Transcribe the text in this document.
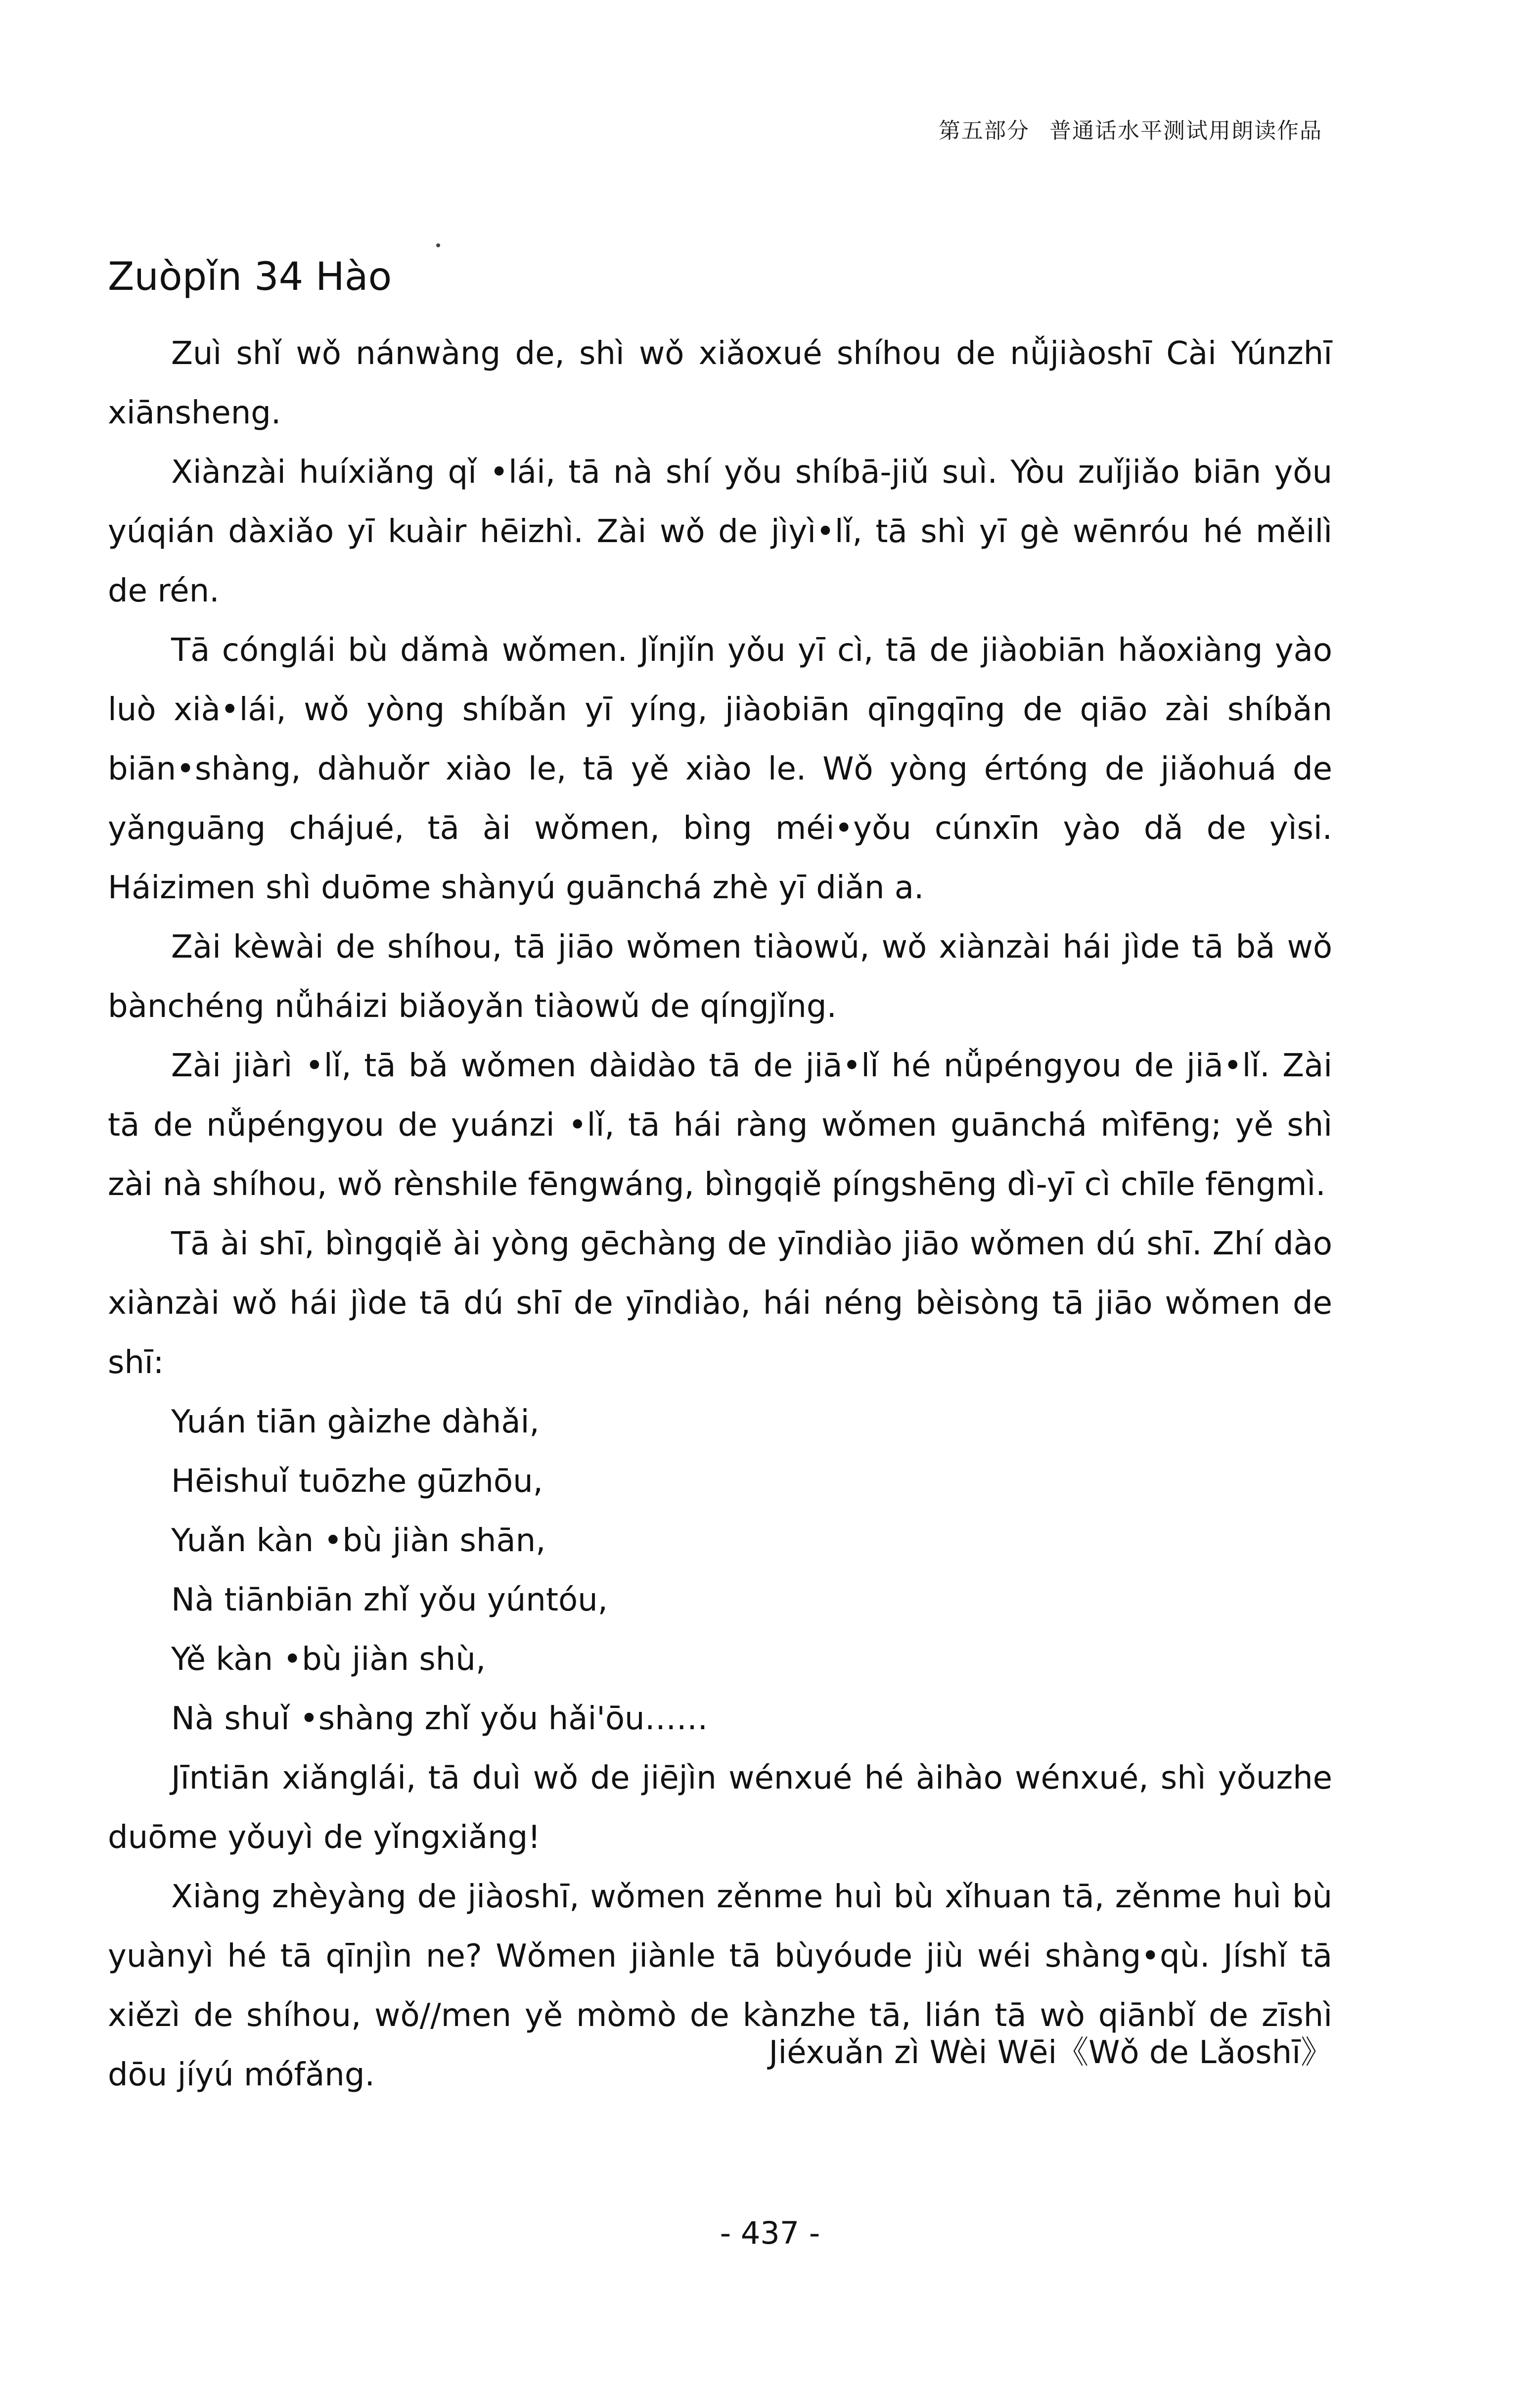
第五部分 普通话水平测试用朗读作品
Zuòpǐn 34 Hào

Zuì shǐ wǒ nánwàng de, shì wǒ xiǎoxué shíhou de nǚjiàoshī Cài Yúnzhī xiānsheng.

Xiànzài huíxiǎng qǐ •lái, tā nà shí yǒu shíbā-jiǔ suì. Yòu zuǐjiǎo biān yǒu yúqián dàxiǎo yī kuàir hēizhì. Zài wǒ de jìyì•lǐ, tā shì yī gè wēnróu hé měilì de rén.

Tā cónglái bù dǎmà wǒmen. Jǐnjǐn yǒu yī cì, tā de jiàobiān hǎoxiàng yào luò xià•lái, wǒ yòng shíbǎn yī yíng, jiàobiān qīngqīng de qiāo zài shíbǎn biān•shàng, dàhuǒr xiào le, tā yě xiào le. Wǒ yòng értóng de jiǎohuá de yǎnguāng chájué, tā ài wǒmen, bìng méi•yǒu cúnxīn yào dǎ de yìsi. Háizimen shì duōme shànyú guānchá zhè yī diǎn a.

Zài kèwài de shíhou, tā jiāo wǒmen tiàowǔ, wǒ xiànzài hái jìde tā bǎ wǒ bànchéng nǚháizi biǎoyǎn tiàowǔ de qíngjǐng.

Zài jiàrì •lǐ, tā bǎ wǒmen dàidào tā de jiā•lǐ hé nǚpéngyou de jiā•lǐ. Zài tā de nǚpéngyou de yuánzi •lǐ, tā hái ràng wǒmen guānchá mìfēng; yě shì zài nà shíhou, wǒ rènshile fēngwáng, bìngqiě píngshēng dì-yī cì chīle fēngmì.

Tā ài shī, bìngqiě ài yòng gēchàng de yīndiào jiāo wǒmen dú shī. Zhí dào xiànzài wǒ hái jìde tā dú shī de yīndiào, hái néng bèisòng tā jiāo wǒmen de shī:

Yuán tiān gàizhe dàhǎi,

Hēishuǐ tuōzhe gūzhōu,

Yuǎn kàn •bù jiàn shān,

Nà tiānbiān zhǐ yǒu yúntóu,

Yě kàn •bù jiàn shù,

Nà shuǐ •shàng zhǐ yǒu hǎi'ōu……

Jīntiān xiǎnglái, tā duì wǒ de jiējìn wénxué hé àihào wénxué, shì yǒuzhe duōme yǒuyì de yǐngxiǎng!

Xiàng zhèyàng de jiàoshī, wǒmen zěnme huì bù xǐhuan tā, zěnme huì bù yuànyì hé tā qīnjìn ne? Wǒmen jiànle tā bùyóude jiù wéi shàng•qù. Jíshǐ tā xiězì de shíhou, wǒ//men yě mòmò de kànzhe tā, lián tā wò qiānbǐ de zīshì dōu jíyú mófǎng.

Jiéxuǎn zì Wèi Wēi《Wǒ de Lǎoshī》
- 437 -
